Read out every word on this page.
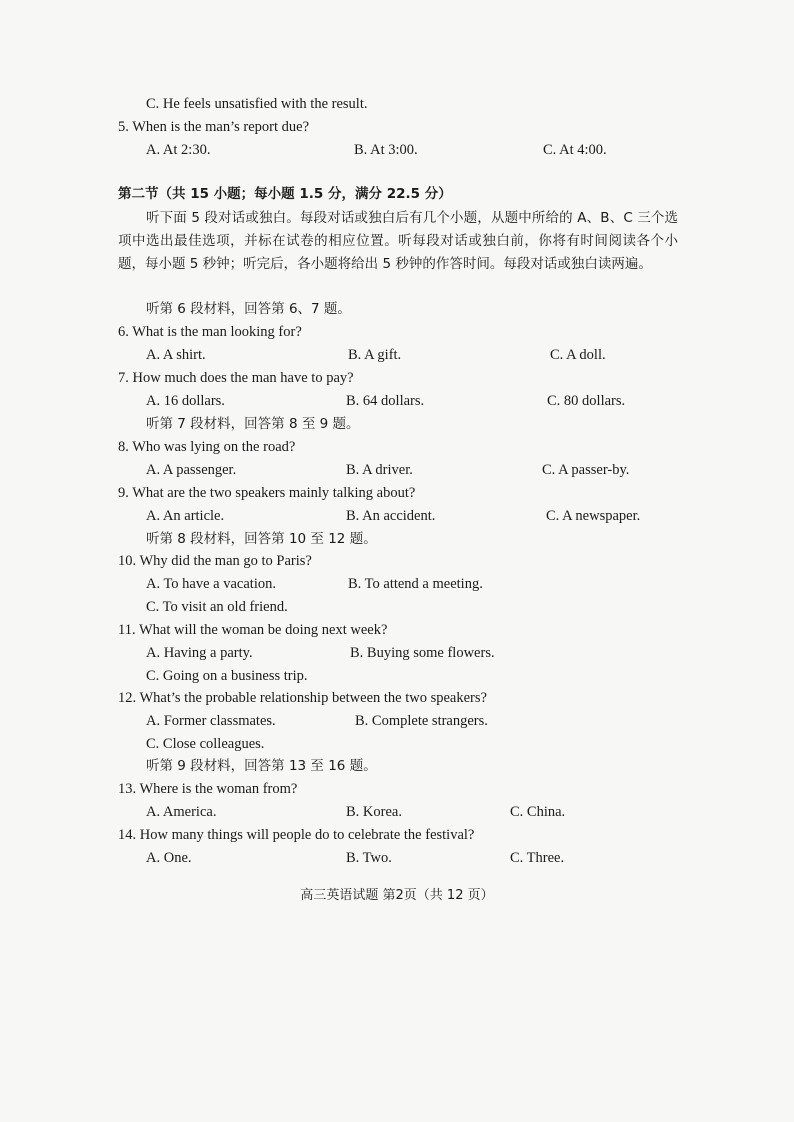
C. He feels unsatisfied with the result.
5. When is the man’s report due?
A. At 2:30.	B. At 3:00.	C. At 4:00.
第二节（共 15 小题；每小题 1.5 分，满分 22.5 分）

听下面 5 段对话或独白。每段对话或独白后有几个小题，从题中所给的 A、B、C 三个选项中选出最佳选项，并标在试卷的相应位置。听每段对话或独白前，你将有时间阅读各个小题，每小题 5 秒钟；听完后，各小题将给出 5 秒钟的作答时间。每段对话或独白读两遍。

听第 6 段材料，回答第 6、7 题。
6. What is the man looking for?
A. A shirt.	B. A gift.	C. A doll.
7. How much does the man have to pay?
A. 16 dollars.	B. 64 dollars.	C. 80 dollars.
听第 7 段材料，回答第 8 至 9 题。
8. Who was lying on the road?
A. A passenger.	B. A driver.	C. A passer-by.
9. What are the two speakers mainly talking about?
A. An article.	B. An accident.	C. A newspaper.
听第 8 段材料，回答第 10 至 12 题。
10. Why did the man go to Paris?
A. To have a vacation.	B. To attend a meeting.
C. To visit an old friend.
11. What will the woman be doing next week?
A. Having a party.	B. Buying some flowers.
C. Going on a business trip.
12. What’s the probable relationship between the two speakers?
A. Former classmates.	B. Complete strangers.
C. Close colleagues.
听第 9 段材料，回答第 13 至 16 题。
13. Where is the woman from?
A. America.	B. Korea.	C. China.
14. How many things will people do to celebrate the festival?
A. One.	B. Two.	C. Three.
高三英语试题 第2页（共 12 页）
